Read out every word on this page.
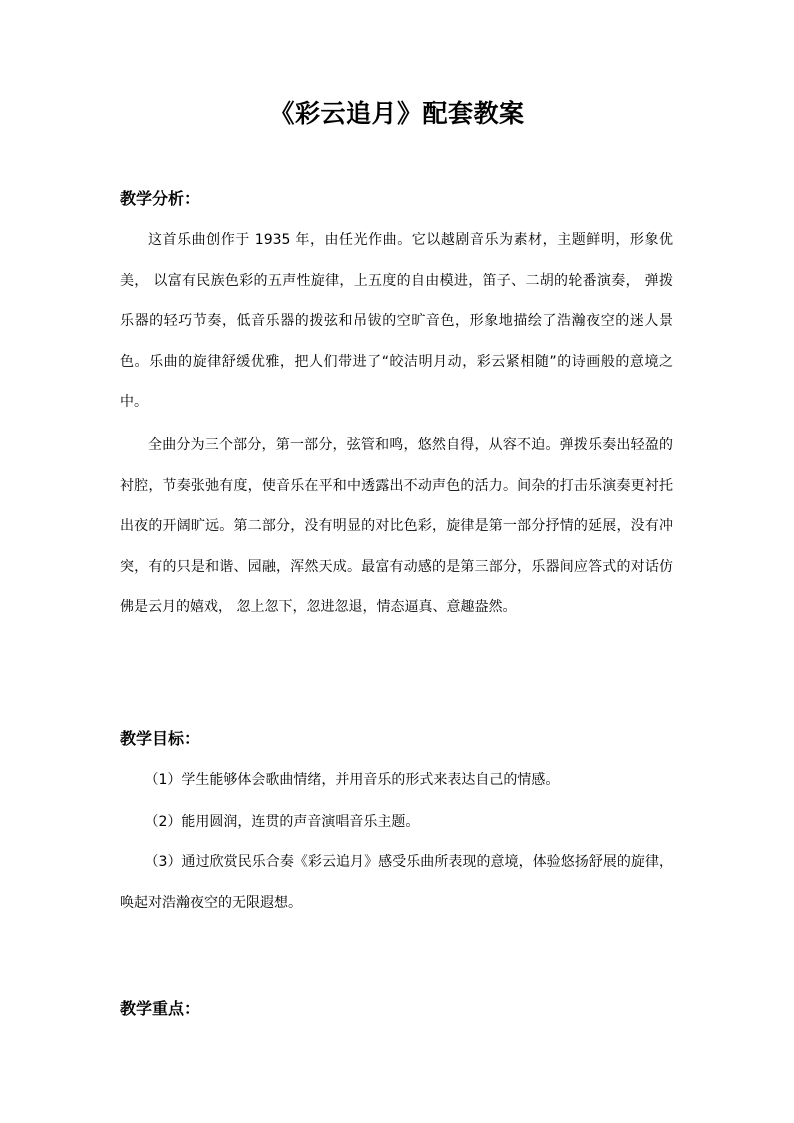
《彩云追月》配套教案
教学分析：

这首乐曲创作于 1935 年，由任光作曲。它以越剧音乐为素材，主题鲜明，形象优美， 以富有民族色彩的五声性旋律，上五度的自由模进，笛子、二胡的轮番演奏， 弹拨乐器的轻巧节奏，低音乐器的拨弦和吊钹的空旷音色，形象地描绘了浩瀚夜空的迷人景色。乐曲的旋律舒缓优雅，把人们带进了“皎洁明月动，彩云紧相随”的诗画般的意境之中。

全曲分为三个部分，第一部分，弦管和鸣，悠然自得，从容不迫。弹拨乐奏出轻盈的衬腔，节奏张弛有度，使音乐在平和中透露出不动声色的活力。间杂的打击乐演奏更衬托出夜的开阔旷远。第二部分，没有明显的对比色彩，旋律是第一部分抒情的延展，没有冲突，有的只是和谐、园融，浑然天成。最富有动感的是第三部分，乐器间应答式的对话仿佛是云月的嬉戏， 忽上忽下，忽进忽退，情态逼真、意趣盎然。

教学目标：

（1）学生能够体会歌曲情绪，并用音乐的形式来表达自己的情感。

（2）能用圆润，连贯的声音演唱音乐主题。

（3）通过欣赏民乐合奏《彩云追月》感受乐曲所表现的意境，体验悠扬舒展的旋律，唤起对浩瀚夜空的无限遐想。

教学重点：
